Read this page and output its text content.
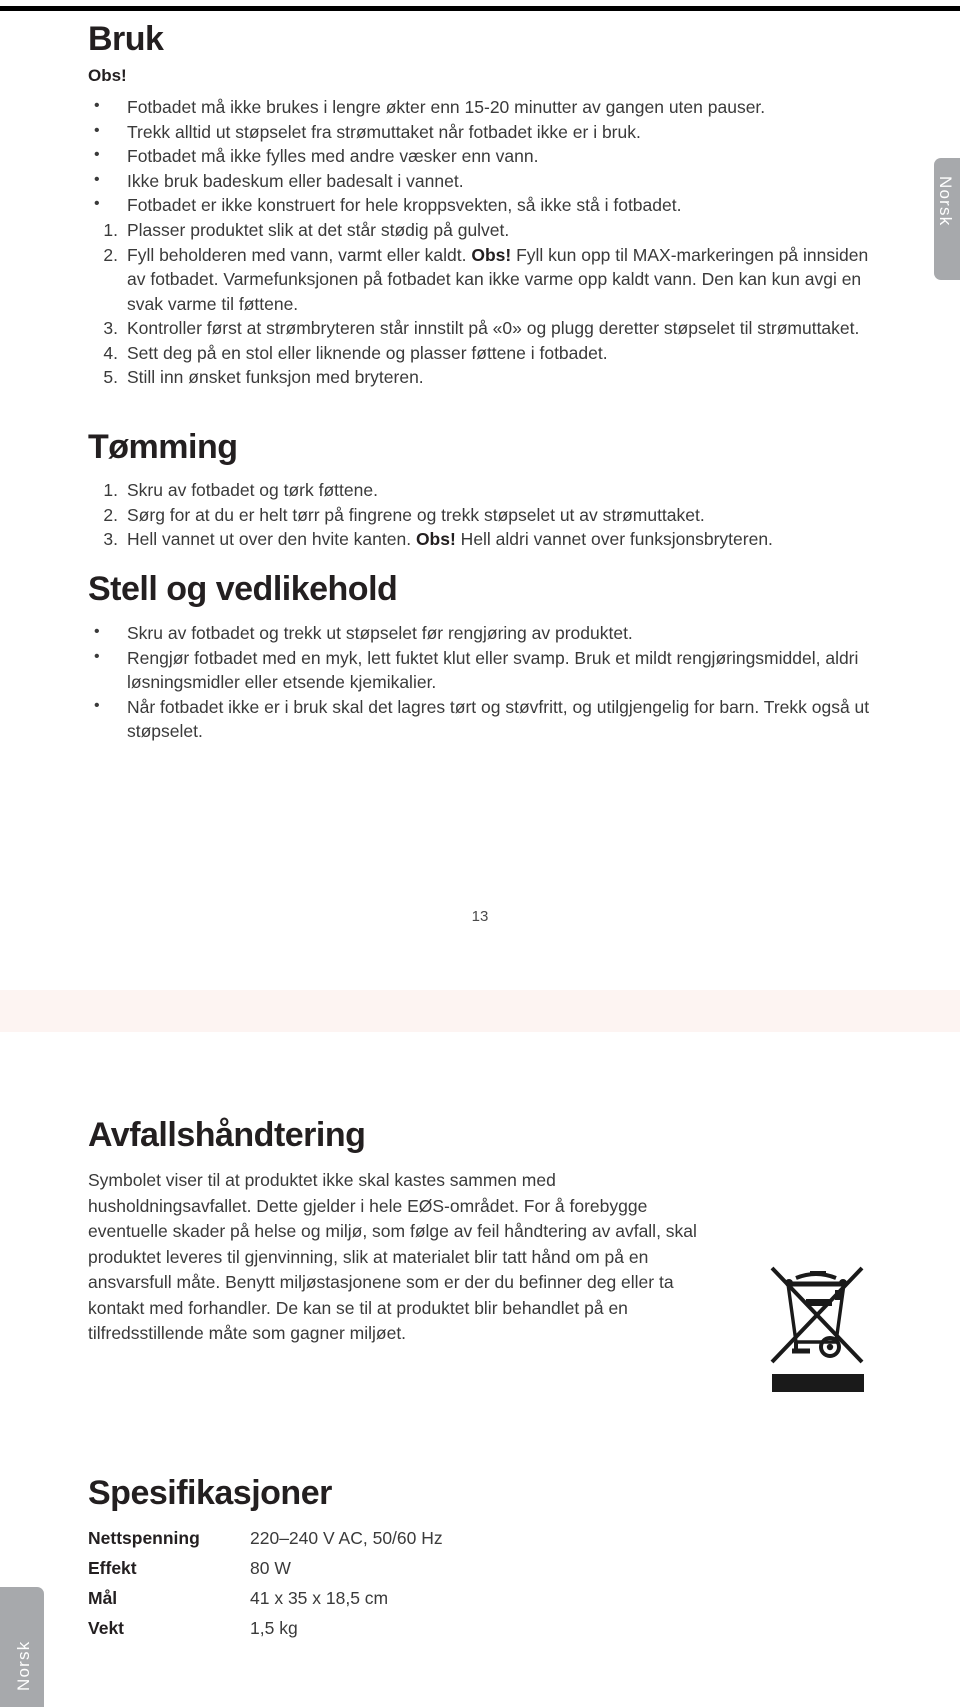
Norsk
Norsk
Bruk

Obs!

• Fotbadet må ikke brukes i lengre økter enn 15-20 minutter av gangen uten pauser.
• Trekk alltid ut støpselet fra strømuttaket når fotbadet ikke er i bruk.
• Fotbadet må ikke fylles med andre væsker enn vann.
• Ikke bruk badeskum eller badesalt i vannet.
• Fotbadet er ikke konstruert for hele kroppsvekten, så ikke stå i fotbadet.
1. Plasser produktet slik at det står stødig på gulvet.
2. Fyll beholderen med vann, varmt eller kaldt. Obs! Fyll kun opp til MAX-markeringen på innsiden av fotbadet. Varmefunksjonen på fotbadet kan ikke varme opp kaldt vann. Den kan kun avgi en svak varme til føttene.
3. Kontroller først at strømbryteren står innstilt på «0» og plugg deretter støpselet til strømuttaket.
4. Sett deg på en stol eller liknende og plasser føttene i fotbadet.
5. Still inn ønsket funksjon med bryteren.
Tømming
1. Skru av fotbadet og tørk føttene.
2. Sørg for at du er helt tørr på fingrene og trekk støpselet ut av strømuttaket.
3. Hell vannet ut over den hvite kanten. Obs! Hell aldri vannet over funksjonsbryteren.
Stell og vedlikehold
• Skru av fotbadet og trekk ut støpselet før rengjøring av produktet.
• Rengjør fotbadet med en myk, lett fuktet klut eller svamp. Bruk et mildt rengjøringsmiddel, aldri løsningsmidler eller etsende kjemikalier.
• Når fotbadet ikke er i bruk skal det lagres tørt og støvfritt, og utilgjengelig for barn. Trekk også ut støpselet.
13
Avfallshåndtering

Symbolet viser til at produktet ikke skal kastes sammen med husholdningsavfallet. Dette gjelder i hele EØS-området. For å forebygge eventuelle skader på helse og miljø, som følge av feil håndtering av avfall, skal produktet leveres til gjenvinning, slik at materialet blir tatt hånd om på en ansvarsfull måte. Benytt miljøstasjonene som er der du befinner deg eller ta kontakt med forhandler. De kan se til at produktet blir behandlet på en tilfredsstillende måte som gagner miljøet.

Spesifikasjoner
Nettspenning	220–240 V AC, 50/60 Hz
Effekt	80 W
Mål	41 x 35 x 18,5 cm
Vekt	1,5 kg
